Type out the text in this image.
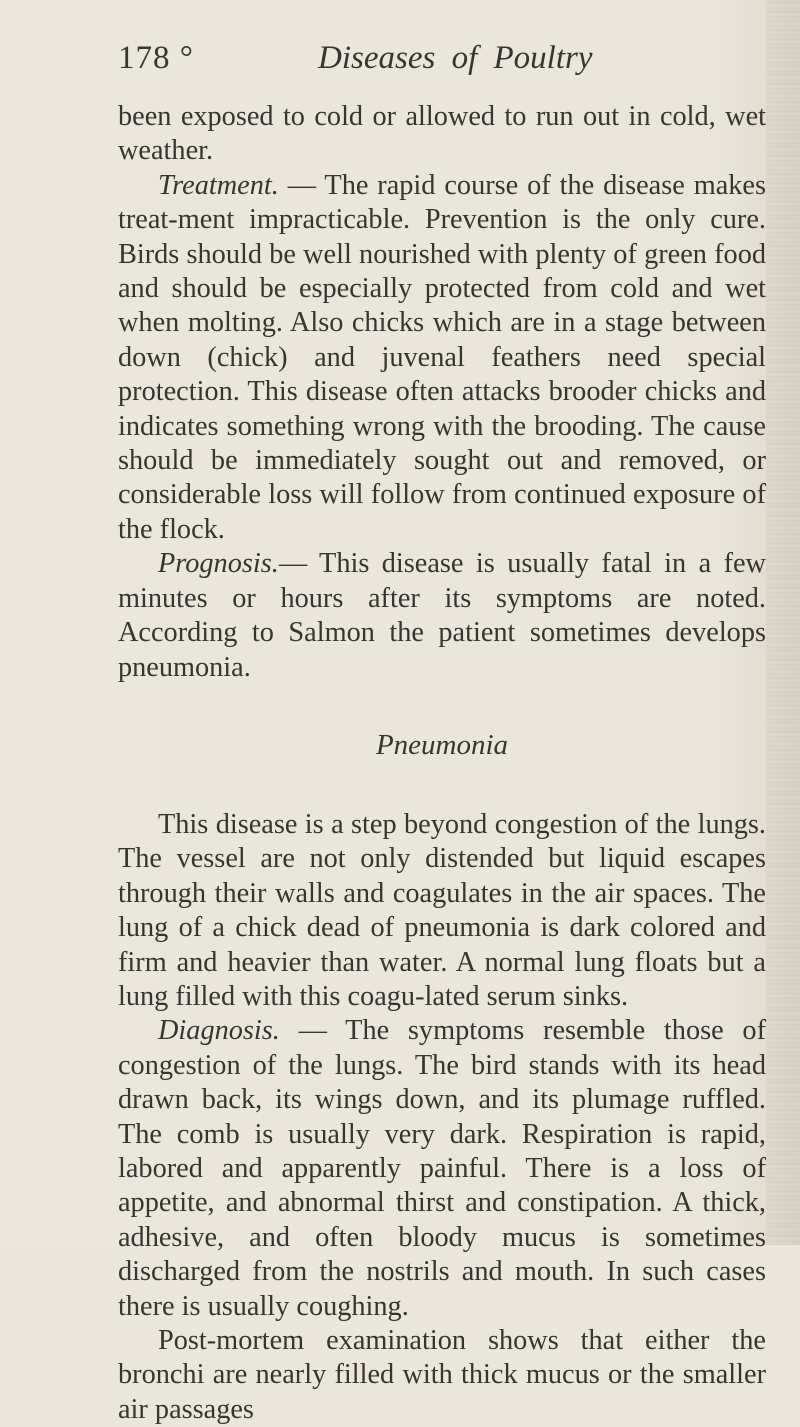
178 °	Diseases of Poultry

been exposed to cold or allowed to run out in cold, wet weather.

Treatment. — The rapid course of the disease makes treat-ment impracticable. Prevention is the only cure. Birds should be well nourished with plenty of green food and should be especially protected from cold and wet when molting. Also chicks which are in a stage between down (chick) and juvenal feathers need special protection. This disease often attacks brooder chicks and indicates something wrong with the brooding. The cause should be immediately sought out and removed, or considerable loss will follow from continued exposure of the flock.

Prognosis.— This disease is usually fatal in a few minutes or hours after its symptoms are noted. According to Salmon the patient sometimes develops pneumonia.

Pneumonia

This disease is a step beyond congestion of the lungs. The vessel are not only distended but liquid escapes through their walls and coagulates in the air spaces. The lung of a chick dead of pneumonia is dark colored and firm and heavier than water. A normal lung floats but a lung filled with this coagu-lated serum sinks.

Diagnosis. — The symptoms resemble those of congestion of the lungs. The bird stands with its head drawn back, its wings down, and its plumage ruffled. The comb is usually very dark. Respiration is rapid, labored and apparently painful. There is a loss of appetite, and abnormal thirst and constipation. A thick, adhesive, and often bloody mucus is sometimes discharged from the nostrils and mouth. In such cases there is usually coughing.

Post-mortem examination shows that either the bronchi are nearly filled with thick mucus or the smaller air passages
